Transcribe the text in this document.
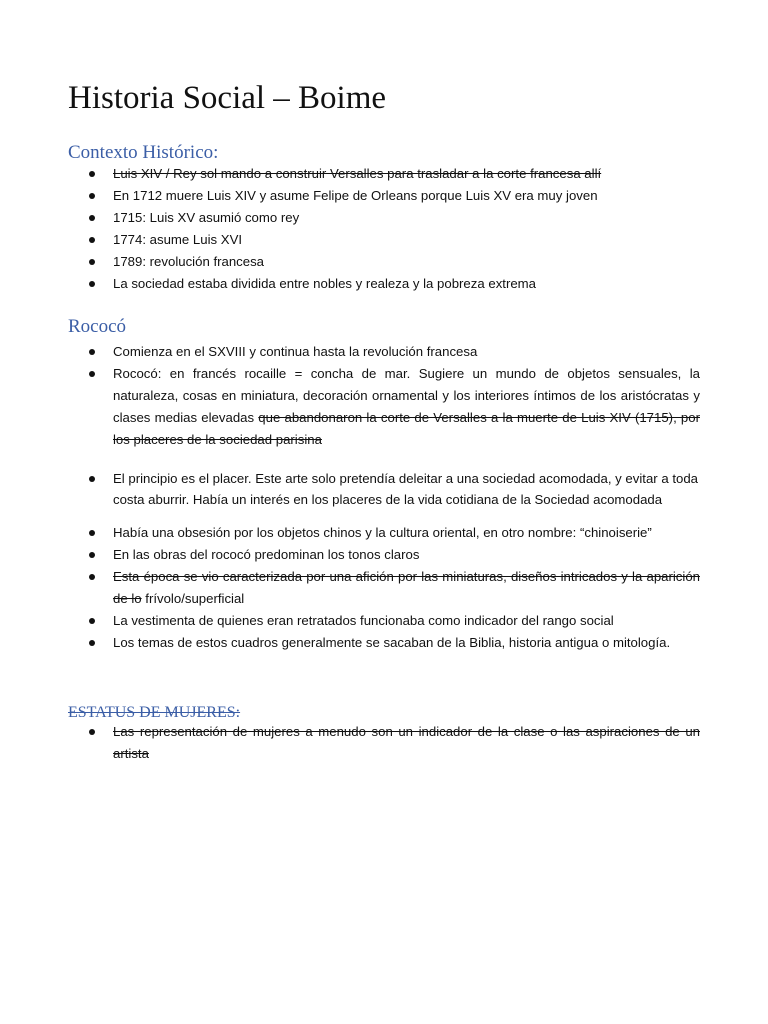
Historia Social – Boime
Contexto Histórico:
Luis XIV / Rey sol mando a construir Versalles para trasladar a la corte francesa allí
En 1712 muere Luis XIV y asume Felipe de Orleans porque Luis XV era muy joven
1715: Luis XV asumió como rey
1774: asume Luis XVI
1789: revolución francesa
La sociedad estaba dividida entre nobles y realeza y la pobreza extrema
Rococó
Comienza en el SXVIII y continua hasta la revolución francesa
Rococó: en francés rocaille = concha de mar. Sugiere un mundo de objetos sensuales, la naturaleza, cosas en miniatura, decoración ornamental y los interiores íntimos de los aristócratas y clases medias elevadas que abandonaron la corte de Versalles a la muerte de Luis XIV (1715), por los placeres de la sociedad parisina
El principio es el placer. Este arte solo pretendía deleitar a una sociedad acomodada, y evitar a toda costa aburrir. Había un interés en los placeres de la vida cotidiana de la Sociedad acomodada
Había una obsesión por los objetos chinos y la cultura oriental, en otro nombre: “chinoiserie”
En las obras del rococó predominan los tonos claros
Esta época se vio caracterizada por una afición por las miniaturas, diseños intricados y la aparición de lo frívolo/superficial
La vestimenta de quienes eran retratados funcionaba como indicador del rango social
Los temas de estos cuadros generalmente se sacaban de la Biblia, historia antigua o mitología.
ESTATUS DE MUJERES:
Las representación de mujeres a menudo son un indicador de la clase o las aspiraciones de un artista
